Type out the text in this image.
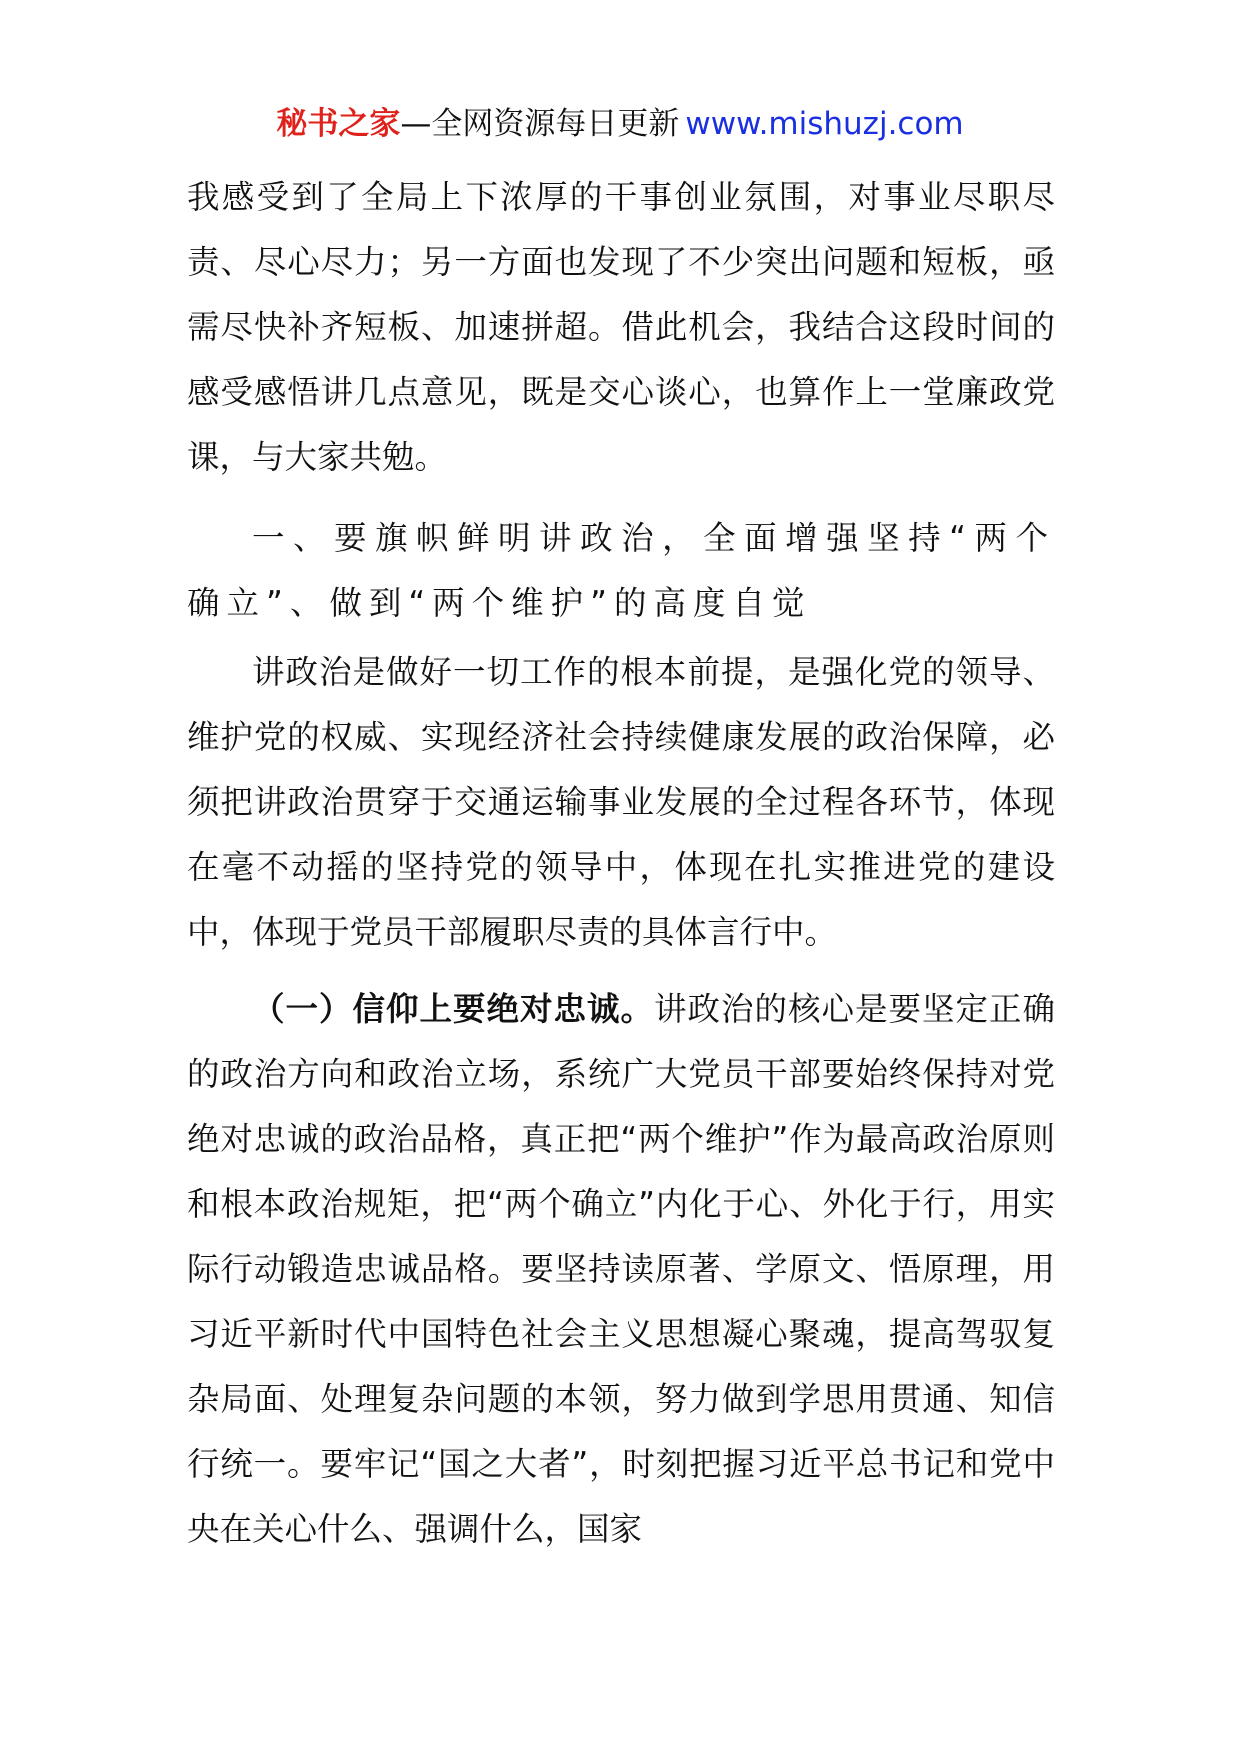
秘书之家—全网资源每日更新 www.mishuzj.com

我感受到了全局上下浓厚的干事创业氛围，对事业尽职尽责、尽心尽力；另一方面也发现了不少突出问题和短板，亟需尽快补齐短板、加速拼超。借此机会，我结合这段时间的感受感悟讲几点意见，既是交心谈心，也算作上一堂廉政党课，与大家共勉。

一、要旗帜鲜明讲政治，全面增强坚持“两个确立”、做到“两个维护”的高度自觉

讲政治是做好一切工作的根本前提，是强化党的领导、维护党的权威、实现经济社会持续健康发展的政治保障，必须把讲政治贯穿于交通运输事业发展的全过程各环节，体现在毫不动摇的坚持党的领导中，体现在扎实推进党的建设中，体现于党员干部履职尽责的具体言行中。

（一）信仰上要绝对忠诚。讲政治的核心是要坚定正确的政治方向和政治立场，系统广大党员干部要始终保持对党绝对忠诚的政治品格，真正把“两个维护”作为最高政治原则和根本政治规矩，把“两个确立”内化于心、外化于行，用实际行动锻造忠诚品格。要坚持读原著、学原文、悟原理，用习近平新时代中国特色社会主义思想凝心聚魂，提高驾驭复杂局面、处理复杂问题的本领，努力做到学思用贯通、知信行统一。要牢记“国之大者”，时刻把握习近平总书记和党中央在关心什么、强调什么，国家
